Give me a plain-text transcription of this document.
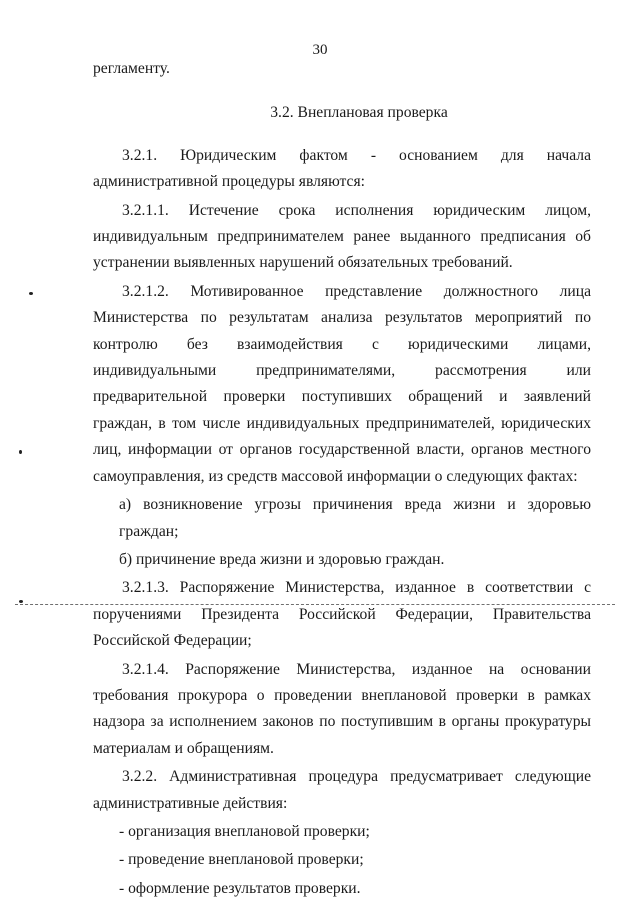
30

регламенту.

3.2. Внеплановая проверка

3.2.1. Юридическим фактом - основанием для начала административной процедуры являются:

3.2.1.1. Истечение срока исполнения юридическим лицом, индивидуальным предпринимателем ранее выданного предписания об устранении выявленных нарушений обязательных требований.

3.2.1.2. Мотивированное представление должностного лица Министерства по результатам анализа результатов мероприятий по контролю без взаимодействия с юридическими лицами, индивидуальными предпринимателями, рассмотрения или предварительной проверки поступивших обращений и заявлений граждан, в том числе индивидуальных предпринимателей, юридических лиц, информации от органов государственной власти, органов местного самоуправления, из средств массовой информации о следующих фактах:

а) возникновение угрозы причинения вреда жизни и здоровью граждан;

б) причинение вреда жизни и здоровью граждан.

3.2.1.3. Распоряжение Министерства, изданное в соответствии с поручениями Президента Российской Федерации, Правительства Российской Федерации;

3.2.1.4. Распоряжение Министерства, изданное на основании требования прокурора о проведении внеплановой проверки в рамках надзора за исполнением законов по поступившим в органы прокуратуры материалам и обращениям.

3.2.2. Административная процедура предусматривает следующие административные действия:

- организация внеплановой проверки;

- проведение внеплановой проверки;

- оформление результатов проверки.
